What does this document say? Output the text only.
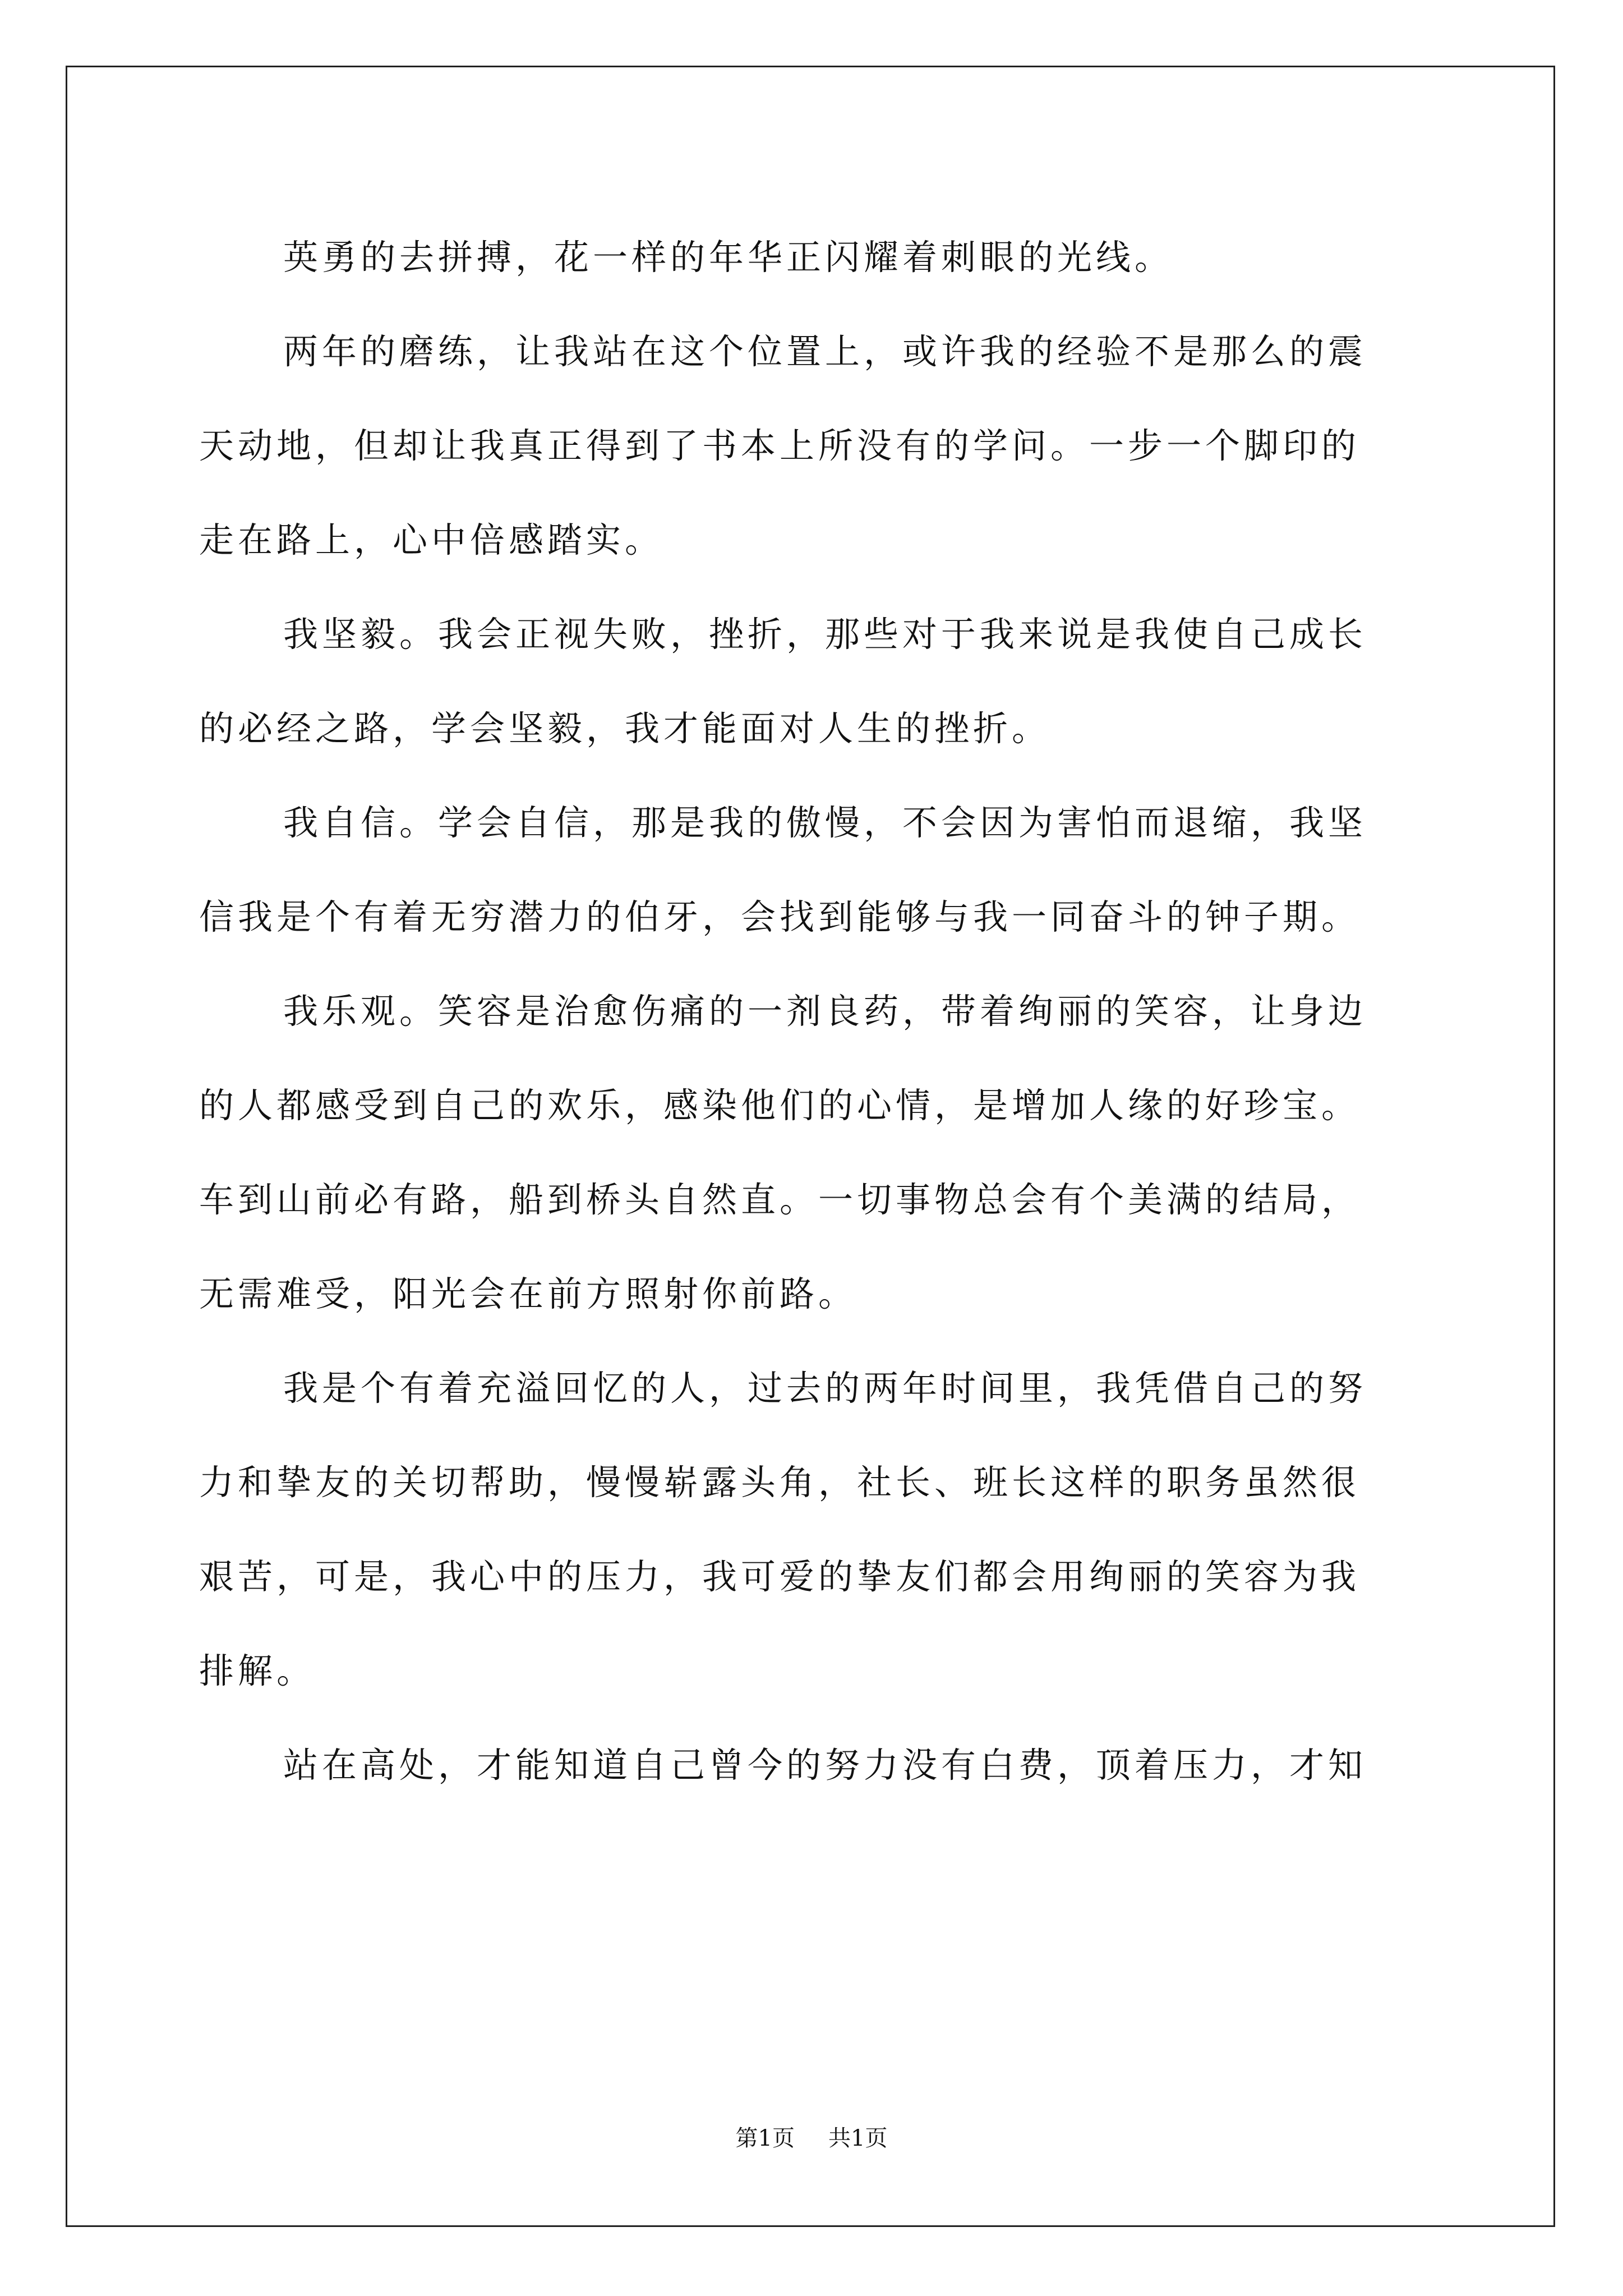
英勇的去拼搏，花一样的年华正闪耀着刺眼的光线。
两年的磨练，让我站在这个位置上，或许我的经验不是那么的震
天动地，但却让我真正得到了书本上所没有的学问。一步一个脚印的
走在路上，心中倍感踏实。
我坚毅。我会正视失败，挫折，那些对于我来说是我使自己成长
的必经之路，学会坚毅，我才能面对人生的挫折。
我自信。学会自信，那是我的傲慢，不会因为害怕而退缩，我坚
信我是个有着无穷潜力的伯牙，会找到能够与我一同奋斗的钟子期。
我乐观。笑容是治愈伤痛的一剂良药，带着绚丽的笑容，让身边
的人都感受到自己的欢乐，感染他们的心情，是增加人缘的好珍宝。
车到山前必有路，船到桥头自然直。一切事物总会有个美满的结局，
无需难受，阳光会在前方照射你前路。
我是个有着充溢回忆的人，过去的两年时间里，我凭借自己的努
力和挚友的关切帮助，慢慢崭露头角，社长、班长这样的职务虽然很
艰苦，可是，我心中的压力，我可爱的挚友们都会用绚丽的笑容为我
排解。
站在高处，才能知道自己曾今的努力没有白费，顶着压力，才知
第1页 共1页
